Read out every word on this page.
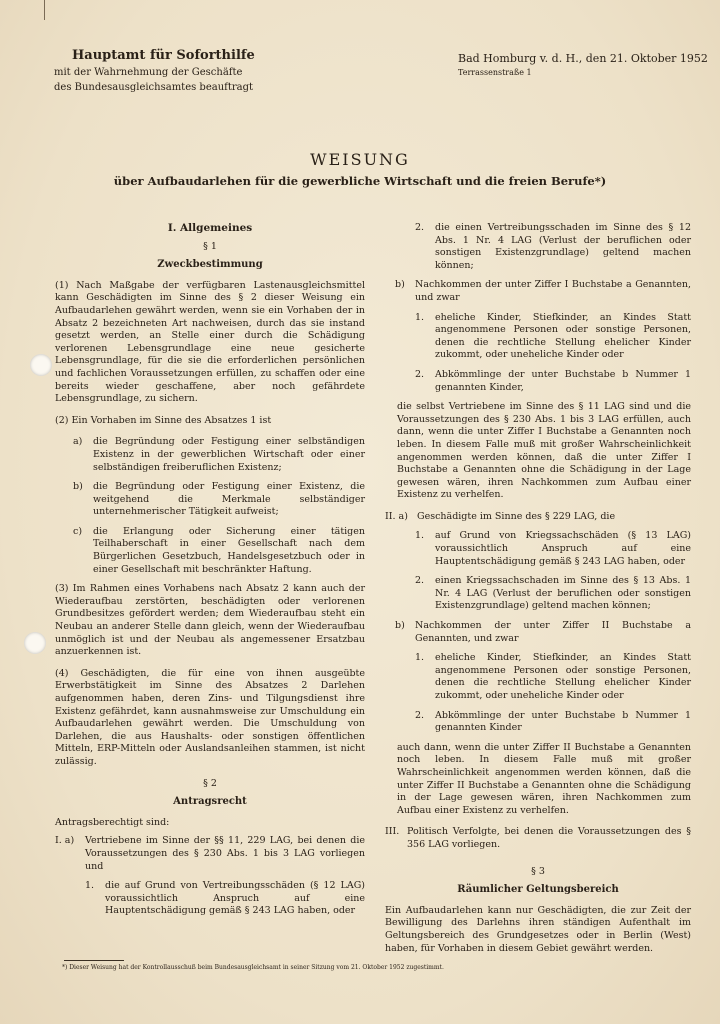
Hauptamt für Soforthilfe
mit der Wahrnehmung der Geschäfte
des Bundesausgleichsamtes beauftragt
Bad Homburg v. d. H., den 21. Oktober 1952
Terrassenstraße 1
WEISUNG
über Aufbaudarlehen für die gewerbliche Wirtschaft und die freien Berufe*)
I. Allgemeines
§ 1
Zweckbestimmung

(1) Nach Maßgabe der verfügbaren Lastenausgleichsmittel kann Geschädigten im Sinne des § 2 dieser Weisung ein Aufbaudarlehen gewährt werden, wenn sie ein Vorhaben der in Absatz 2 bezeichneten Art nachweisen, durch das sie instand gesetzt werden, an Stelle einer durch die Schädigung verlorenen Lebensgrundlage eine neue gesicherte Lebensgrundlage, für die sie die erforderlichen persönlichen und fachlichen Voraussetzungen erfüllen, zu schaffen oder eine bereits wieder geschaffene, aber noch gefährdete Lebensgrundlage, zu sichern.

(2) Ein Vorhaben im Sinne des Absatzes 1 ist

a)	die Begründung oder Festigung einer selbständigen Existenz in der gewerblichen Wirtschaft oder einer selbständigen freiberuflichen Existenz;
b)	die Begründung oder Festigung einer Existenz, die weitgehend die Merkmale selbständiger unternehmerischer Tätigkeit aufweist;
c)	die Erlangung oder Sicherung einer tätigen Teilhaberschaft in einer Gesellschaft nach dem Bürgerlichen Gesetzbuch, Handelsgesetzbuch oder in einer Gesellschaft mit beschränkter Haftung.

(3) Im Rahmen eines Vorhabens nach Absatz 2 kann auch der Wiederaufbau zerstörten, beschädigten oder verlorenen Grundbesitzes gefördert werden; dem Wiederaufbau steht ein Neubau an anderer Stelle dann gleich, wenn der Wiederaufbau unmöglich ist und der Neubau als angemessener Ersatzbau anzuerkennen ist.

(4) Geschädigten, die für eine von ihnen ausgeübte Erwerbstätigkeit im Sinne des Absatzes 2 Darlehen aufgenommen haben, deren Zins- und Tilgungsdienst ihre Existenz gefährdet, kann ausnahmsweise zur Umschuldung ein Aufbaudarlehen gewährt werden. Die Umschuldung von Darlehen, die aus Haushalts- oder sonstigen öffentlichen Mitteln, ERP-Mitteln oder Auslandsanleihen stammen, ist nicht zulässig.

§ 2
Antragsrecht

Antragsberechtigt sind:

I. a)	Vertriebene im Sinne der §§ 11, 229 LAG, bei denen die Voraussetzungen des § 230 Abs. 1 bis 3 LAG vorliegen und
1.	die auf Grund von Vertreibungsschäden (§ 12 LAG) voraussichtlich Anspruch auf eine Hauptentschädigung gemäß § 243 LAG haben, oder
2.	die einen Vertreibungsschaden im Sinne des § 12 Abs. 1 Nr. 4 LAG (Verlust der beruflichen oder sonstigen Existenzgrundlage) geltend machen können;
b)	Nachkommen der unter Ziffer I Buchstabe a Genannten, und zwar
1.	eheliche Kinder, Stiefkinder, an Kindes Statt angenommene Personen oder sonstige Personen, denen die rechtliche Stellung ehelicher Kinder zukommt, oder uneheliche Kinder oder
2.	Abkömmlinge der unter Buchstabe b Nummer 1 genannten Kinder,

die selbst Vertriebene im Sinne des § 11 LAG sind und die Voraussetzungen des § 230 Abs. 1 bis 3 LAG erfüllen, auch dann, wenn die unter Ziffer I Buchstabe a Genannten noch leben. In diesem Falle muß mit großer Wahrscheinlichkeit angenommen werden können, daß die unter Ziffer I Buchstabe a Genannten ohne die Schädigung in der Lage gewesen wären, ihren Nachkommen zum Aufbau einer Existenz zu verhelfen.

II. a) Geschädigte im Sinne des § 229 LAG, die
1.	auf Grund von Kriegssachschäden (§ 13 LAG) voraussichtlich Anspruch auf eine Hauptentschädigung gemäß § 243 LAG haben, oder
2.	einen Kriegssachschaden im Sinne des § 13 Abs. 1 Nr. 4 LAG (Verlust der beruflichen oder sonstigen Existenzgrundlage) geltend machen können;
b)	Nachkommen der unter Ziffer II Buchstabe a Genannten, und zwar
1.	eheliche Kinder, Stiefkinder, an Kindes Statt angenommene Personen oder sonstige Personen, denen die rechtliche Stellung ehelicher Kinder zukommt, oder uneheliche Kinder oder
2.	Abkömmlinge der unter Buchstabe b Nummer 1 genannten Kinder

auch dann, wenn die unter Ziffer II Buchstabe a Genannten noch leben. In diesem Falle muß mit großer Wahrscheinlichkeit angenommen werden können, daß die unter Ziffer II Buchstabe a Genannten ohne die Schädigung in der Lage gewesen wären, ihren Nachkommen zum Aufbau einer Existenz zu verhelfen.

III. Politisch Verfolgte, bei denen die Voraussetzungen des § 356 LAG vorliegen.
§ 3
Räumlicher Geltungsbereich

Ein Aufbaudarlehen kann nur Geschädigten, die zur Zeit der Bewilligung des Darlehns ihren ständigen Aufenthalt im Geltungsbereich des Grundgesetzes oder in Berlin (West) haben, für Vorhaben in diesem Gebiet gewährt werden.

*) Dieser Weisung hat der Kontrollausschuß beim Bundesausgleichsamt in seiner Sitzung vom 21. Oktober 1952 zugestimmt.
